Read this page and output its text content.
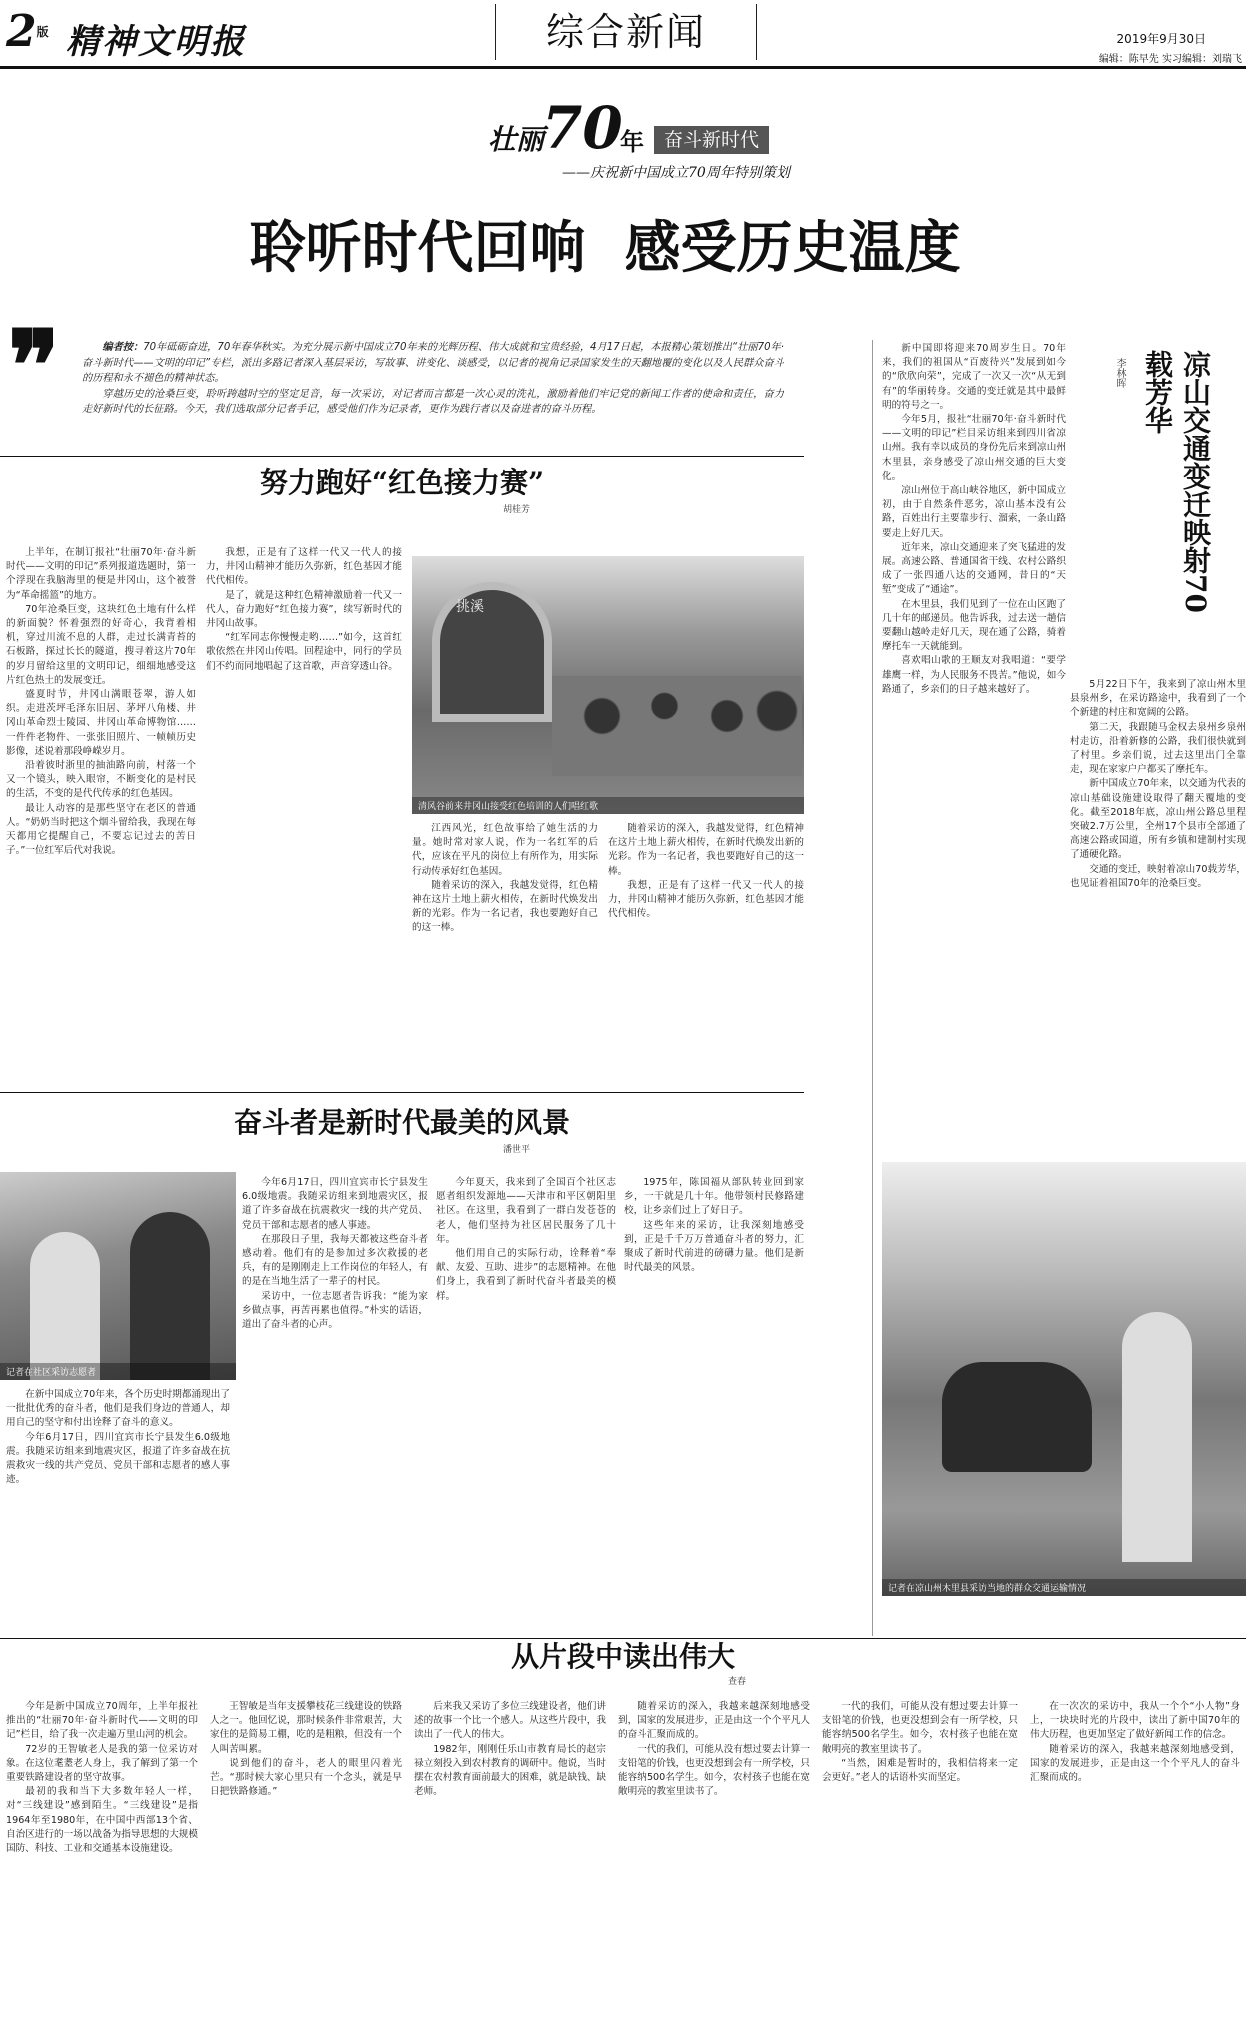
2版 精神文明报	综合新闻	2019年9月30日
编辑：陈早先 实习编辑：刘瑞飞
壮丽
70
年	奋斗新时代
——庆祝新中国成立70周年特别策划
聆听时代回响  感受历史温度
❞	编者按：70年砥砺奋进，70年春华秋实。为充分展示新中国成立70年来的光辉历程、伟大成就和宝贵经验，4月17日起，本报精心策划推出“壮丽70年·奋斗新时代——文明的印记”专栏，派出多路记者深入基层采访，写故事、讲变化、谈感受，以记者的视角记录国家发生的天翻地覆的变化以及人民群众奋斗的历程和永不褪色的精神状态。

穿越历史的沧桑巨变，聆听跨越时空的坚定足音，每一次采访，对记者而言都是一次心灵的洗礼，激励着他们牢记党的新闻工作者的使命和责任，奋力走好新时代的长征路。今天，我们选取部分记者手记，感受他们作为记录者，更作为践行者以及奋进者的奋斗历程。

努力跑好“红色接力赛”
胡桂芳

上半年，在制订报社“壮丽70年·奋斗新时代——文明的印记”系列报道选题时，第一个浮现在我脑海里的便是井冈山，这个被誉为“革命摇篮”的地方。

70年沧桑巨变，这块红色土地有什么样的新面貌？怀着强烈的好奇心，我背着相机，穿过川流不息的人群，走过长满青苔的石板路，探过长长的隧道，搜寻着这片70年的岁月留给这里的文明印记，细细地感受这片红色热土的发展变迁。

盛夏时节，井冈山满眼苍翠，游人如织。走进茨坪毛泽东旧居、茅坪八角楼、井冈山革命烈士陵园、井冈山革命博物馆……一件件老物件、一张张旧照片、一帧帧历史影像，述说着那段峥嵘岁月。

沿着彼时浙里的抽油路向前，村落一个又一个镜头，映入眼帘，不断变化的是村民的生活，不变的是代代传承的红色基因。

最让人动容的是那些坚守在老区的普通人。“奶奶当时把这个烟斗留给我，我现在每天都用它提醒自己，不要忘记过去的苦日子。”一位红军后代对我说。

我想，正是有了这样一代又一代人的接力，井冈山精神才能历久弥新，红色基因才能代代相传。

是了，就是这种红色精神激励着一代又一代人，奋力跑好“红色接力赛”，续写新时代的井冈山故事。

“红军同志你慢慢走哟……”如今，这首红歌依然在井冈山传唱。回程途中，同行的学员们不约而同地唱起了这首歌，声音穿透山谷。

挑溪
清风谷前来井冈山接受红色培训的人们唱红歌

江西风光，红色故事给了她生活的力量。她时常对家人说，作为一名红军的后代，应该在平凡的岗位上有所作为，用实际行动传承好红色基因。

随着采访的深入，我越发觉得，红色精神在这片土地上薪火相传，在新时代焕发出新的光彩。作为一名记者，我也要跑好自己的这一棒。

随着采访的深入，我越发觉得，红色精神在这片土地上薪火相传，在新时代焕发出新的光彩。作为一名记者，我也要跑好自己的这一棒。

我想，正是有了这样一代又一代人的接力，井冈山精神才能历久弥新，红色基因才能代代相传。

奋斗者是新时代最美的风景
潘世平
记者在社区采访志愿者

在新中国成立70年来，各个历史时期都涌现出了一批批优秀的奋斗者，他们是我们身边的普通人，却用自己的坚守和付出诠释了奋斗的意义。

今年6月17日，四川宜宾市长宁县发生6.0级地震。我随采访组来到地震灾区，报道了许多奋战在抗震救灾一线的共产党员、党员干部和志愿者的感人事迹。

今年6月17日，四川宜宾市长宁县发生6.0级地震。我随采访组来到地震灾区，报道了许多奋战在抗震救灾一线的共产党员、党员干部和志愿者的感人事迹。

在那段日子里，我每天都被这些奋斗者感动着。他们有的是参加过多次救援的老兵，有的是刚刚走上工作岗位的年轻人，有的是在当地生活了一辈子的村民。

采访中，一位志愿者告诉我：“能为家乡做点事，再苦再累也值得。”朴实的话语，道出了奋斗者的心声。

今年夏天，我来到了全国百个社区志愿者组织发源地——天津市和平区朝阳里社区。在这里，我看到了一群白发苍苍的老人，他们坚持为社区居民服务了几十年。

他们用自己的实际行动，诠释着“奉献、友爱、互助、进步”的志愿精神。在他们身上，我看到了新时代奋斗者最美的模样。

1975年，陈国福从部队转业回到家乡，一干就是几十年。他带领村民修路建校，让乡亲们过上了好日子。

这些年来的采访，让我深刻地感受到，正是千千万万普通奋斗者的努力，汇聚成了新时代前进的磅礴力量。他们是新时代最美的风景。

新中国即将迎来70周岁生日。70年来，我们的祖国从“百废待兴”发展到如今的“欣欣向荣”，完成了一次又一次“从无到有”的华丽转身。交通的变迁就是其中最鲜明的符号之一。

今年5月，报社“壮丽70年·奋斗新时代——文明的印记”栏目采访组来到四川省凉山州。我有幸以成员的身份先后来到凉山州木里县，亲身感受了凉山州交通的巨大变化。

凉山州位于高山峡谷地区，新中国成立初，由于自然条件恶劣，凉山基本没有公路，百姓出行主要靠步行、溜索，一条山路要走上好几天。

近年来，凉山交通迎来了突飞猛进的发展。高速公路、普通国省干线、农村公路织成了一张四通八达的交通网，昔日的“天堑”变成了“通途”。

在木里县，我们见到了一位在山区跑了几十年的邮递员。他告诉我，过去送一趟信要翻山越岭走好几天，现在通了公路，骑着摩托车一天就能到。

喜欢唱山歌的王顺友对我唱道：“要学雄鹰一样，为人民服务不畏苦。”他说，如今路通了，乡亲们的日子越来越好了。

凉山交通变迁映射70载芳华
李林晖

5月22日下午，我来到了凉山州木里县泉州乡，在采访路途中，我看到了一个个新建的村庄和宽阔的公路。

第二天，我跟随马金权去泉州乡泉州村走访，沿着新修的公路，我们很快就到了村里。乡亲们说，过去这里出门全靠走，现在家家户户都买了摩托车。

新中国成立70年来，以交通为代表的凉山基础设施建设取得了翻天覆地的变化。截至2018年底，凉山州公路总里程突破2.7万公里，全州17个县市全部通了高速公路或国道，所有乡镇和建制村实现了通硬化路。

交通的变迁，映射着凉山70载芳华，也见证着祖国70年的沧桑巨变。

记者在凉山州木里县采访当地的群众交通运输情况
从片段中读出伟大
查春

今年是新中国成立70周年，上半年报社推出的“壮丽70年·奋斗新时代——文明的印记”栏目，给了我一次走遍万里山河的机会。

72岁的王智敏老人是我的第一位采访对象。在这位耄耋老人身上，我了解到了第一个重要铁路建设者的坚守故事。

最初的我和当下大多数年轻人一样，对“三线建设”感到陌生。“三线建设”是指1964年至1980年，在中国中西部13个省、自治区进行的一场以战备为指导思想的大规模国防、科技、工业和交通基本设施建设。

王智敏是当年支援攀枝花三线建设的铁路人之一。他回忆说，那时候条件非常艰苦，大家住的是简易工棚，吃的是粗粮，但没有一个人叫苦叫累。

说到他们的奋斗，老人的眼里闪着光芒。“那时候大家心里只有一个念头，就是早日把铁路修通。”

后来我又采访了多位三线建设者，他们讲述的故事一个比一个感人。从这些片段中，我读出了一代人的伟大。

1982年，刚刚任乐山市教育局长的赵宗禄立刻投入到农村教育的调研中。他说，当时摆在农村教育面前最大的困难，就是缺钱、缺老师。

随着采访的深入，我越来越深刻地感受到，国家的发展进步，正是由这一个个平凡人的奋斗汇聚而成的。

一代的我们，可能从没有想过要去计算一支铅笔的价钱，也更没想到会有一所学校，只能容纳500名学生。如今，农村孩子也能在宽敞明亮的教室里读书了。

一代的我们，可能从没有想过要去计算一支铅笔的价钱，也更没想到会有一所学校，只能容纳500名学生。如今，农村孩子也能在宽敞明亮的教室里读书了。

“当然，困难是暂时的，我相信将来一定会更好。”老人的话语朴实而坚定。

在一次次的采访中，我从一个个“小人物”身上，一块块时光的片段中，读出了新中国70年的伟大历程，也更加坚定了做好新闻工作的信念。

随着采访的深入，我越来越深刻地感受到，国家的发展进步，正是由这一个个平凡人的奋斗汇聚而成的。
